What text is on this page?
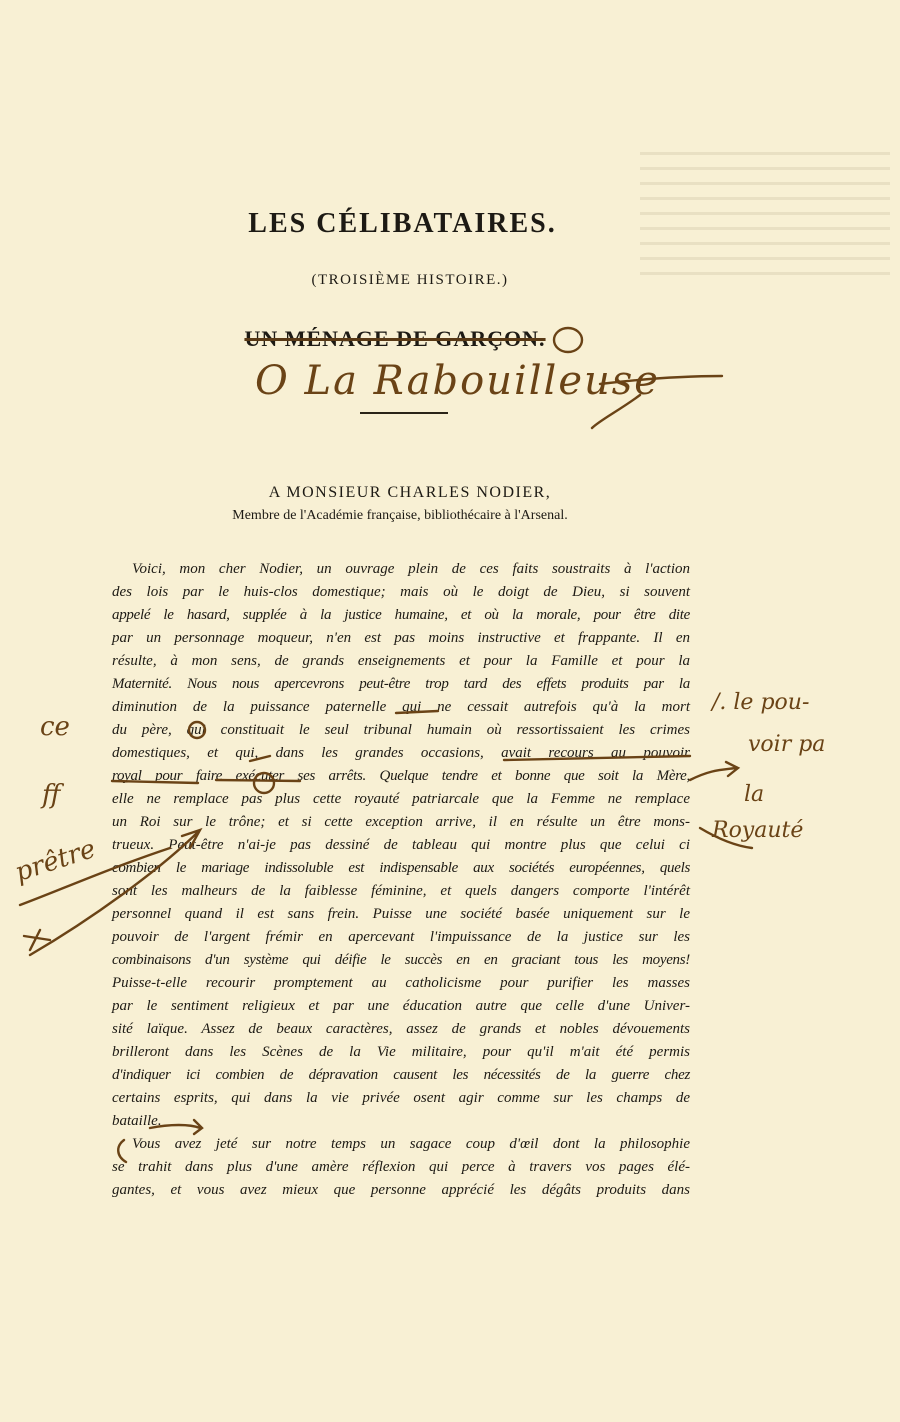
LES CÉLIBATAIRES.
(TROISIÈME HISTOIRE.)
UN MÉNAGE DE GARÇON.
O La Rabouilleuse
A MONSIEUR CHARLES NODIER,
Membre de l'Académie française, bibliothécaire à l'Arsenal.
Voici, mon cher Nodier, un ouvrage plein de ces faits soustraits à l'action
des lois par le huis-clos domestique; mais où le doigt de Dieu, si souvent
appelé le hasard, supplée à la justice humaine, et où la morale, pour être dite
par un personnage moqueur, n'en est pas moins instructive et frappante. Il en
résulte, à mon sens, de grands enseignements et pour la Famille et pour la
Maternité. Nous nous apercevrons peut-être trop tard des effets produits par la
diminution de la puissance paternelle qui ne cessait autrefois qu'à la mort
du père, qui constituait le seul tribunal humain où ressortissaient les crimes
domestiques, et qui, dans les grandes occasions, avait recours au pouvoir
royal pour faire exécuter ses arrêts. Quelque tendre et bonne que soit la Mère,
elle ne remplace pas plus cette royauté patriarcale que la Femme ne remplace
un Roi sur le trône; et si cette exception arrive, il en résulte un être mons-
trueux. Peut-être n'ai-je pas dessiné de tableau qui montre plus que celui ci
combien le mariage indissoluble est indispensable aux sociétés européennes, quels
sont les malheurs de la faiblesse féminine, et quels dangers comporte l'intérêt
personnel quand il est sans frein. Puisse une société basée uniquement sur le
pouvoir de l'argent frémir en apercevant l'impuissance de la justice sur les
combinaisons d'un système qui déifie le succès en en graciant tous les moyens!
Puisse-t-elle recourir promptement au catholicisme pour purifier les masses
par le sentiment religieux et par une éducation autre que celle d'une Univer-
sité laïque. Assez de beaux caractères, assez de grands et nobles dévouements
brilleront dans les Scènes de la Vie militaire, pour qu'il m'ait été permis
d'indiquer ici combien de dépravation causent les nécessités de la guerre chez
certains esprits, qui dans la vie privée osent agir comme sur les champs de
bataille.
Vous avez jeté sur notre temps un sagace coup d'œil dont la philosophie
se trahit dans plus d'une amère réflexion qui perce à travers vos pages élé-
gantes, et vous avez mieux que personne apprécié les dégâts produits dans
/. le pou-
voir pa
la
Royauté
ce
ff
prêtre
